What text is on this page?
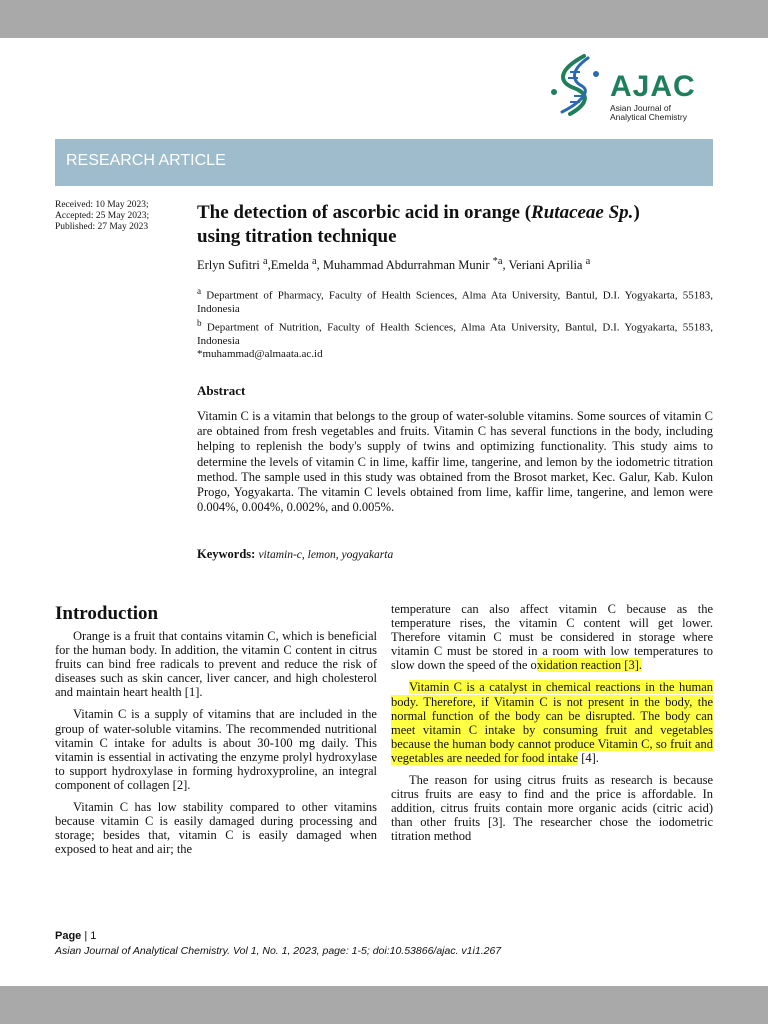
AJAC
Asian Journal of
Analytical Chemistry
RESEARCH ARTICLE
Received: 10 May 2023;
Accepted: 25 May 2023;
Published: 27 May 2023
The detection of ascorbic acid in orange (Rutaceae Sp.)
using titration technique
Erlyn Sufitri $^a$,Emelda $^a$, Muhammad Abdurrahman Munir $^{*a}$, Veriani Aprilia $^a$

$^a$ Department of Pharmacy, Faculty of Health Sciences, Alma Ata University, Bantul, D.I. Yogyakarta, 55183, Indonesia

$^b$ Department of Nutrition, Faculty of Health Sciences, Alma Ata University, Bantul, D.I. Yogyakarta, 55183, Indonesia

*muhammad@almaata.ac.id

Abstract

Vitamin C is a vitamin that belongs to the group of water-soluble vitamins. Some sources of vitamin C are obtained from fresh vegetables and fruits. Vitamin C has several functions in the body, including helping to replenish the body's supply of twins and optimizing functionality. This study aims to determine the levels of vitamin C in lime, kaffir lime, tangerine, and lemon by the iodometric titration method. The sample used in this study was obtained from the Brosot market, Kec. Galur, Kab. Kulon Progo, Yogyakarta. The vitamin C levels obtained from lime, kaffir lime, tangerine, and lemon were 0.004%, 0.004%, 0.002%, and 0.005%.

Keywords: vitamin-c, lemon, yogyakarta
Introduction

Orange is a fruit that contains vitamin C, which is beneficial for the human body. In addition, the vitamin C content in citrus fruits can bind free radicals to prevent and reduce the risk of diseases such as skin cancer, liver cancer, and high cholesterol and maintain heart health [1].

Vitamin C is a supply of vitamins that are included in the group of water-soluble vitamins. The recommended nutritional vitamin C intake for adults is about 30-100 mg daily. This vitamin is essential in activating the enzyme prolyl hydroxylase to support hydroxylase in forming hydroxyproline, an integral component of collagen [2].

Vitamin C has low stability compared to other vitamins because vitamin C is easily damaged during processing and storage; besides that, vitamin C is easily damaged when exposed to heat and air; the

temperature can also affect vitamin C because as the temperature rises, the vitamin C content will get lower. Therefore vitamin C must be considered in storage where vitamin C must be stored in a room with low temperatures to slow down the speed of the oxidation reaction [3].

Vitamin C is a catalyst in chemical reactions in the human body. Therefore, if Vitamin C is not present in the body, the normal function of the body can be disrupted. The body can meet vitamin C intake by consuming fruit and vegetables because the human body cannot produce Vitamin C, so fruit and vegetables are needed for food intake [4].

The reason for using citrus fruits as research is because citrus fruits are easy to find and the price is affordable. In addition, citrus fruits contain more organic acids (citric acid) than other fruits [3]. The researcher chose the iodometric titration method

Page | 1
Asian Journal of Analytical Chemistry. Vol 1, No. 1, 2023, page: 1-5; doi:10.53866/ajac. v1i1.267
